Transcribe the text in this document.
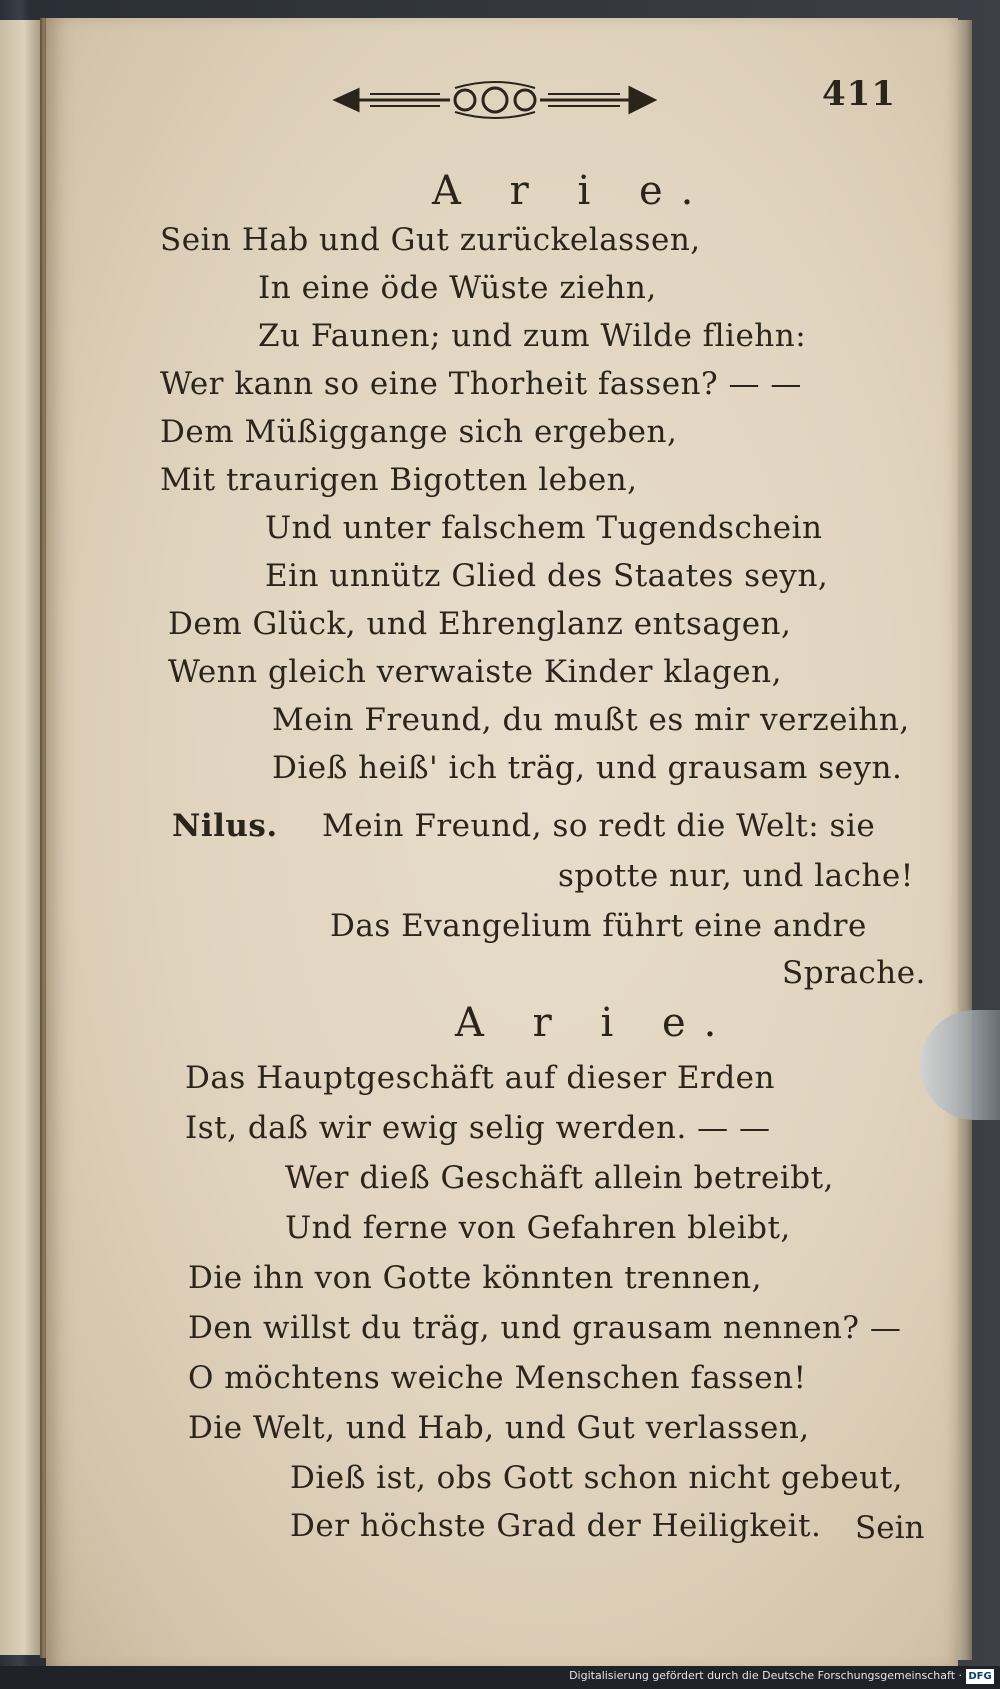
411
A r i e.
Sein Hab und Gut zurückelassen,
In eine öde Wüste ziehn,
Zu Faunen; und zum Wilde fliehn:
Wer kann so eine Thorheit fassen? — —
Dem Müßiggange sich ergeben,
Mit traurigen Bigotten leben,
Und unter falschem Tugendschein
Ein unnütz Glied des Staates seyn,
Dem Glück, und Ehrenglanz entsagen,
Wenn gleich verwaiste Kinder klagen,
Mein Freund, du mußt es mir verzeihn,
Dieß heiß' ich träg, und grausam seyn.
Nilus. Mein Freund, so redt die Welt: sie
spotte nur, und lache!
Das Evangelium führt eine andre
Sprache.
A r i e.
Das Hauptgeschäft auf dieser Erden
Ist, daß wir ewig selig werden. — —
Wer dieß Geschäft allein betreibt,
Und ferne von Gefahren bleibt,
Die ihn von Gotte könnten trennen,
Den willst du träg, und grausam nennen? —
O möchtens weiche Menschen fassen!
Die Welt, und Hab, und Gut verlassen,
Dieß ist, obs Gott schon nicht gebeut,
Der höchste Grad der Heiligkeit. Sein
Digitalisierung gefördert durch die Deutsche Forschungsgemeinschaft · DFG
